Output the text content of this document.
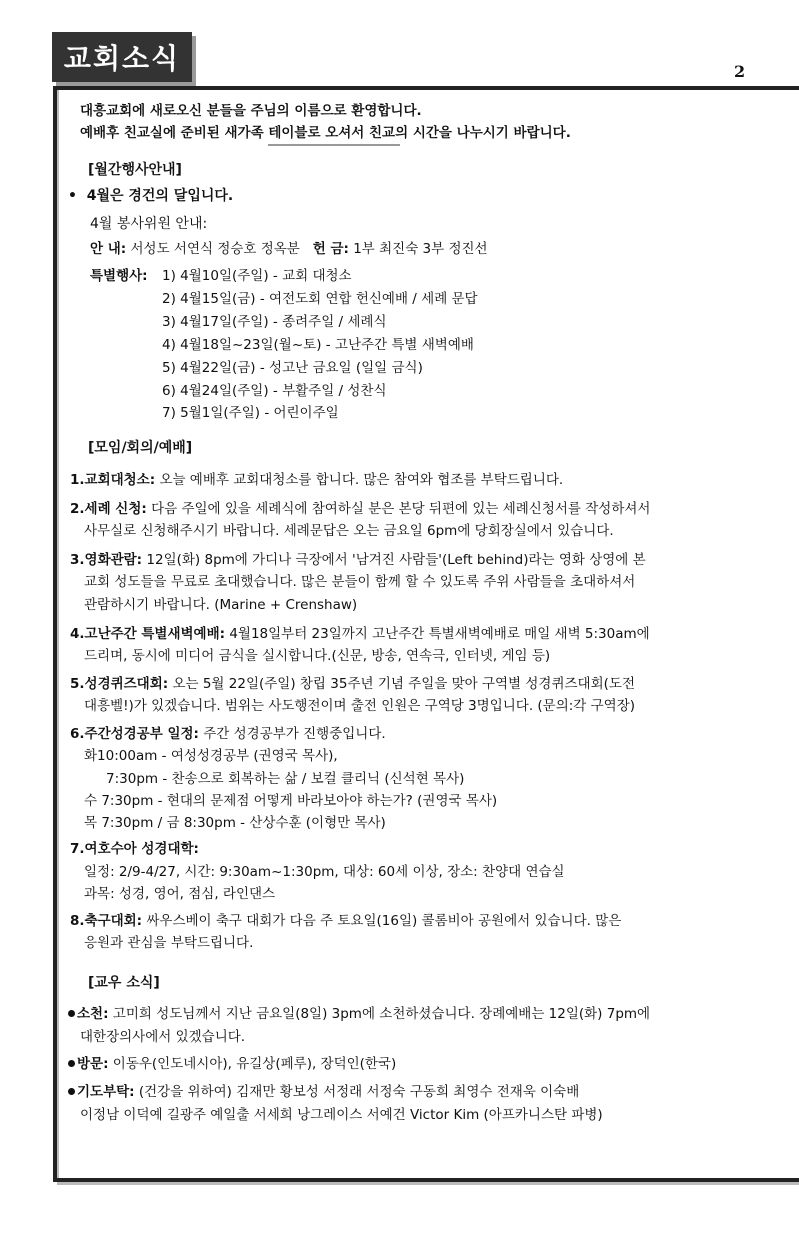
교회소식	2
대흥교회에 새로오신 분들을 주님의 이름으로 환영합니다.
예배후 친교실에 준비된 새가족 테이블로 오셔서 친교의 시간을 나누시기 바랍니다.
[월간행사안내]
• 4월은 경건의 달입니다.
4월 봉사위원 안내:
안 내: 서성도 서연식 정승호 정옥분 헌 금: 1부 최진숙 3부 정진선
특별행사: 1) 4월10일(주일) - 교회 대청소
2) 4월15일(금) - 여전도회 연합 헌신예배 / 세례 문답
3) 4월17일(주일) - 종려주일 / 세례식
4) 4월18일~23일(월~토) - 고난주간 특별 새벽예배
5) 4월22일(금) - 성고난 금요일 (일일 금식)
6) 4월24일(주일) - 부활주일 / 성찬식
7) 5월1일(주일) - 어린이주일
[모임/회의/예배]
1.교회대청소: 오늘 예배후 교회대청소를 합니다. 많은 참여와 협조를 부탁드립니다.
2.세례 신청: 다음 주일에 있을 세례식에 참여하실 분은 본당 뒤편에 있는 세례신청서를 작성하셔서
사무실로 신청해주시기 바랍니다. 세례문답은 오는 금요일 6pm에 당회장실에서 있습니다.
3.영화관람: 12일(화) 8pm에 가디나 극장에서 '남겨진 사람들'(Left behind)라는 영화 상영에 본
교회 성도들을 무료로 초대했습니다. 많은 분들이 함께 할 수 있도록 주위 사람들을 초대하셔서
관람하시기 바랍니다. (Marine + Crenshaw)
4.고난주간 특별새벽예배: 4월18일부터 23일까지 고난주간 특별새벽예배로 매일 새벽 5:30am에
드리며, 동시에 미디어 금식을 실시합니다.(신문, 방송, 연속극, 인터넷, 게임 등)
5.성경퀴즈대회: 오는 5월 22일(주일) 창립 35주년 기념 주일을 맞아 구역별 성경퀴즈대회(도전
대흥벨!)가 있겠습니다. 범위는 사도행전이며 출전 인원은 구역당 3명입니다. (문의:각 구역장)
6.주간성경공부 일정: 주간 성경공부가 진행중입니다.
화10:00am - 여성성경공부 (권영국 목사),
7:30pm - 찬송으로 회복하는 삶 / 보컬 클리닉 (신석현 목사)
수 7:30pm - 현대의 문제점 어떻게 바라보아야 하는가? (권영국 목사)
목 7:30pm / 금 8:30pm - 산상수훈 (이형만 목사)
7.여호수아 성경대학:
일정: 2/9-4/27, 시간: 9:30am~1:30pm, 대상: 60세 이상, 장소: 찬양대 연습실
과목: 성경, 영어, 점심, 라인댄스
8.축구대회: 싸우스베이 축구 대회가 다음 주 토요일(16일) 콜롬비아 공원에서 있습니다. 많은
응원과 관심을 부탁드립니다.
[교우 소식]
소천: 고미희 성도님께서 지난 금요일(8일) 3pm에 소천하셨습니다. 장례예배는 12일(화) 7pm에
대한장의사에서 있겠습니다.
방문: 이동우(인도네시아), 유길상(페루), 장덕인(한국)
기도부탁: (건강을 위하여) 김재만 황보성 서정래 서정숙 구동희 최영수 전재욱 이숙배
이정남 이덕예 길광주 예일출 서세희 낭그레이스 서예건 Victor Kim (아프카니스탄 파병)
